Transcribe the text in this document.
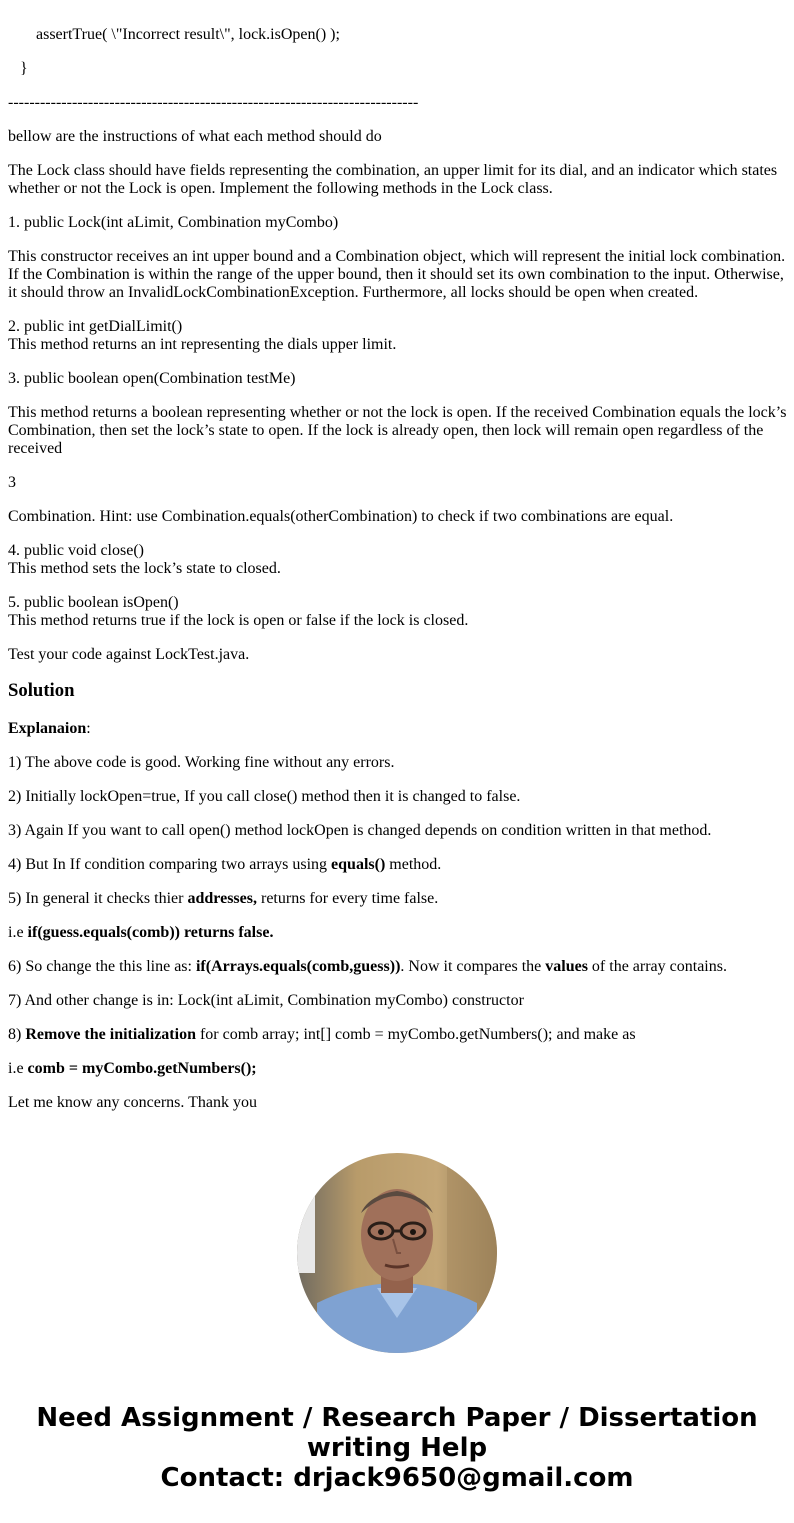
assertTrue( \"Incorrect result\", lock.isOpen() );
}

-----------------------------------------------------------------------------

bellow are the instructions of what each method should do

The Lock class should have fields representing the combination, an upper limit for its dial, and an indicator which states whether or not the Lock is open. Implement the following methods in the Lock class.

1. public Lock(int aLimit, Combination myCombo)

This constructor receives an int upper bound and a Combination object, which will represent the initial lock combination. If the Combination is within the range of the upper bound, then it should set its own combination to the input. Otherwise, it should throw an InvalidLockCombinationException. Furthermore, all locks should be open when created.

2. public int getDialLimit()
This method returns an int representing the dials upper limit.

3. public boolean open(Combination testMe)

This method returns a boolean representing whether or not the lock is open. If the received Combination equals the lock’s Combination, then set the lock’s state to open. If the lock is already open, then lock will remain open regardless of the received

3

Combination. Hint: use Combination.equals(otherCombination) to check if two combinations are equal.

4. public void close()
This method sets the lock’s state to closed.

5. public boolean isOpen()
This method returns true if the lock is open or false if the lock is closed.

Test your code against LockTest.java.

Solution

Explanaion:

1) The above code is good. Working fine without any errors.

2) Initially lockOpen=true, If you call close() method then it is changed to false.

3) Again If you want to call open() method lockOpen is changed depends on condition written in that method.

4) But In If condition comparing two arrays using equals() method.

5) In general it checks thier addresses, returns for every time false.

i.e if(guess.equals(comb)) returns false.

6) So change the this line as: if(Arrays.equals(comb,guess)). Now it compares the values of the array contains.

7) And other change is in: Lock(int aLimit, Combination myCombo) constructor

8) Remove the initialization for comb array; int[] comb = myCombo.getNumbers(); and make as

i.e comb = myCombo.getNumbers();

Let me know any concerns. Thank you

Need Assignment / Research Paper / Dissertation
writing Help
Contact: drjack9650@gmail.com
